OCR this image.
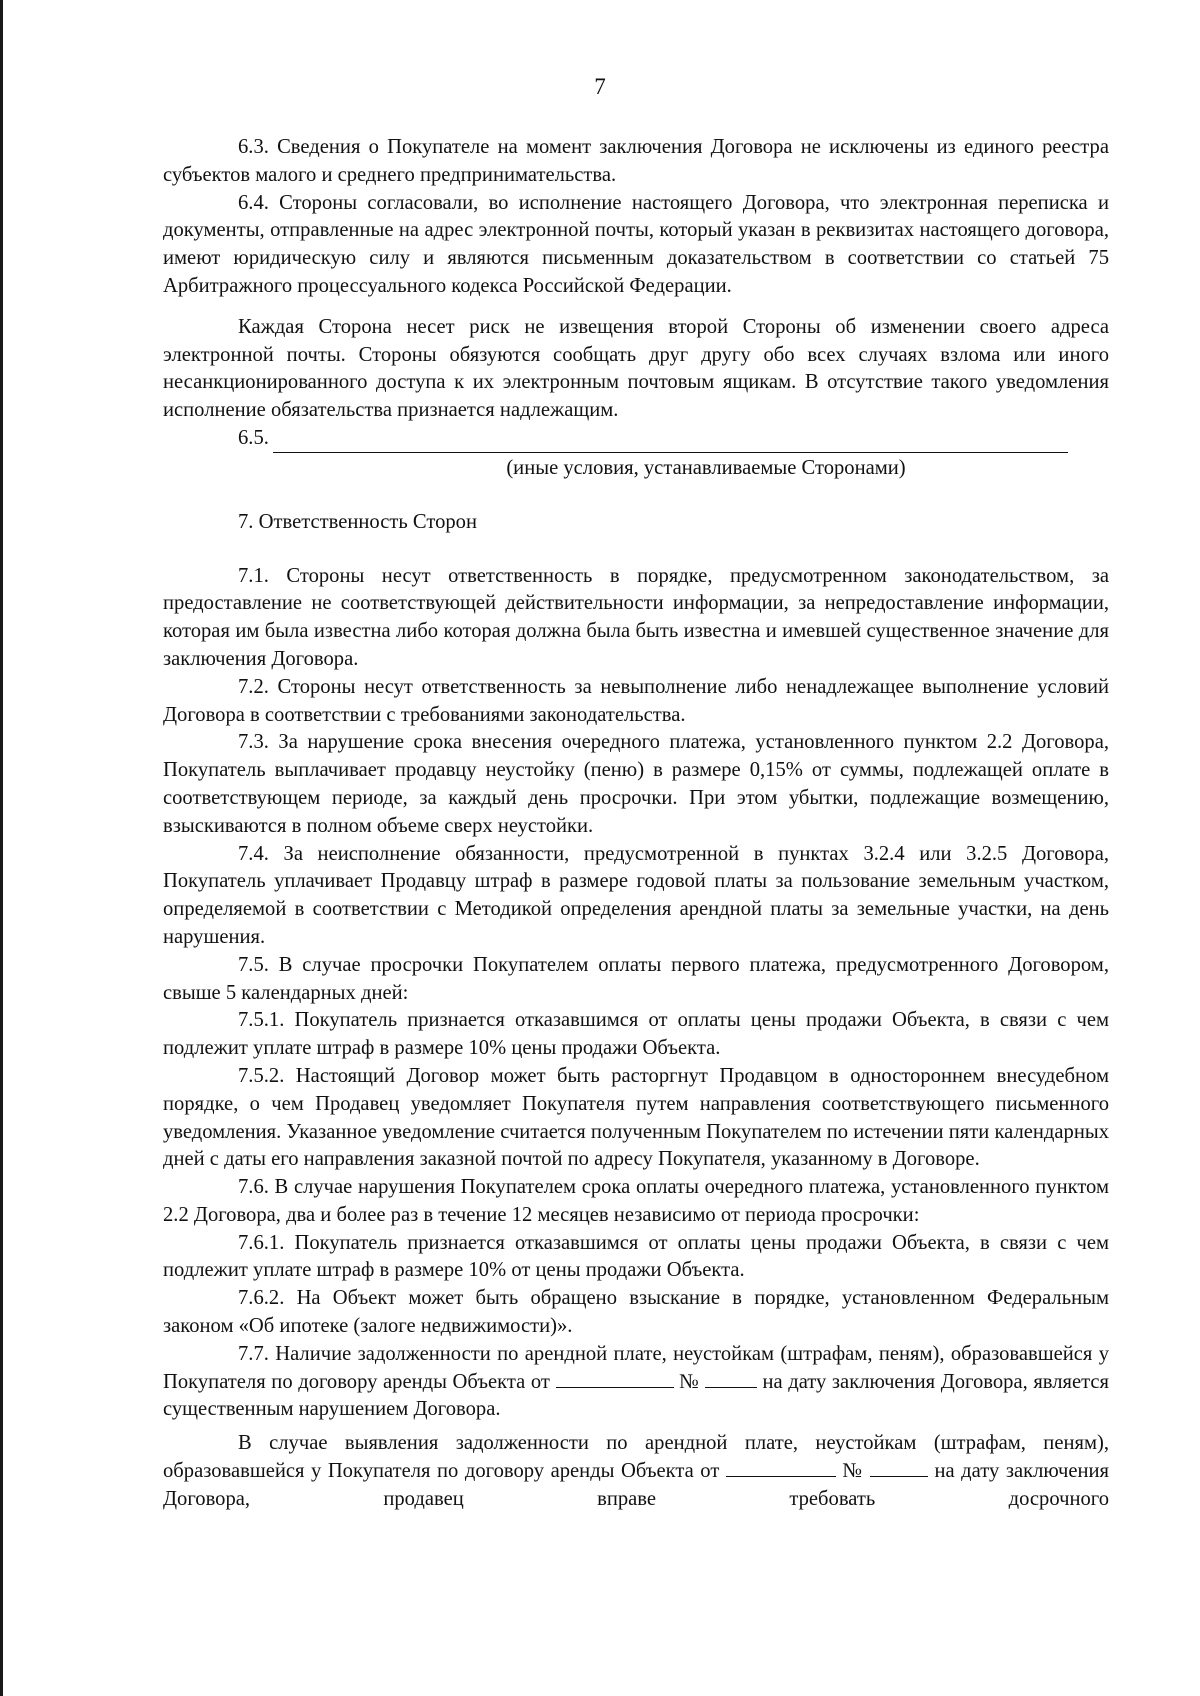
7

6.3. Сведения о Покупателе на момент заключения Договора не исключены из единого реестра субъектов малого и среднего предпринимательства.

6.4. Стороны согласовали, во исполнение настоящего Договора, что электронная переписка и документы, отправленные на адрес электронной почты, который указан в реквизитах настоящего договора, имеют юридическую силу и являются письменным доказательством в соответствии со статьей 75 Арбитражного процессуального кодекса Российской Федерации.

Каждая Сторона несет риск не извещения второй Стороны об изменении своего адреса электронной почты. Стороны обязуются сообщать друг другу обо всех случаях взлома или иного несанкционированного доступа к их электронным почтовым ящикам. В отсутствие такого уведомления исполнение обязательства признается надлежащим.

6.5.
(иные условия, устанавливаемые Сторонами)

7. Ответственность Сторон

7.1. Стороны несут ответственность в порядке, предусмотренном законодательством, за предоставление не соответствующей действительности информации, за непредоставление информации, которая им была известна либо которая должна была быть известна и имевшей существенное значение для заключения Договора.

7.2. Стороны несут ответственность за невыполнение либо ненадлежащее выполнение условий Договора в соответствии с требованиями законодательства.

7.3. За нарушение срока внесения очередного платежа, установленного пунктом 2.2 Договора, Покупатель выплачивает продавцу неустойку (пеню) в размере 0,15% от суммы, подлежащей оплате в соответствующем периоде, за каждый день просрочки. При этом убытки, подлежащие возмещению, взыскиваются в полном объеме сверх неустойки.

7.4. За неисполнение обязанности, предусмотренной в пунктах 3.2.4 или 3.2.5 Договора, Покупатель уплачивает Продавцу штраф в размере годовой платы за пользование земельным участком, определяемой в соответствии с Методикой определения арендной платы за земельные участки, на день нарушения.

7.5. В случае просрочки Покупателем оплаты первого платежа, предусмотренного Договором, свыше 5 календарных дней:

7.5.1. Покупатель признается отказавшимся от оплаты цены продажи Объекта, в связи с чем подлежит уплате штраф в размере 10% цены продажи Объекта.

7.5.2. Настоящий Договор может быть расторгнут Продавцом в одностороннем внесудебном порядке, о чем Продавец уведомляет Покупателя путем направления соответствующего письменного уведомления. Указанное уведомление считается полученным Покупателем по истечении пяти календарных дней с даты его направления заказной почтой по адресу Покупателя, указанному в Договоре.

7.6. В случае нарушения Покупателем срока оплаты очередного платежа, установленного пунктом 2.2 Договора, два и более раз в течение 12 месяцев независимо от периода просрочки:

7.6.1. Покупатель признается отказавшимся от оплаты цены продажи Объекта, в связи с чем подлежит уплате штраф в размере 10% от цены продажи Объекта.

7.6.2. На Объект может быть обращено взыскание в порядке, установленном Федеральным законом «Об ипотеке (залоге недвижимости)».

7.7. Наличие задолженности по арендной плате, неустойкам (штрафам, пеням), образовавшейся у Покупателя по договору аренды Объекта от	№	на дату заключения Договора, является существенным нарушением Договора.

В случае выявления задолженности по арендной плате, неустойкам (штрафам, пеням), образовавшейся у Покупателя по договору аренды Объекта от	№	на дату заключения Договора, продавец вправе требовать досрочного
